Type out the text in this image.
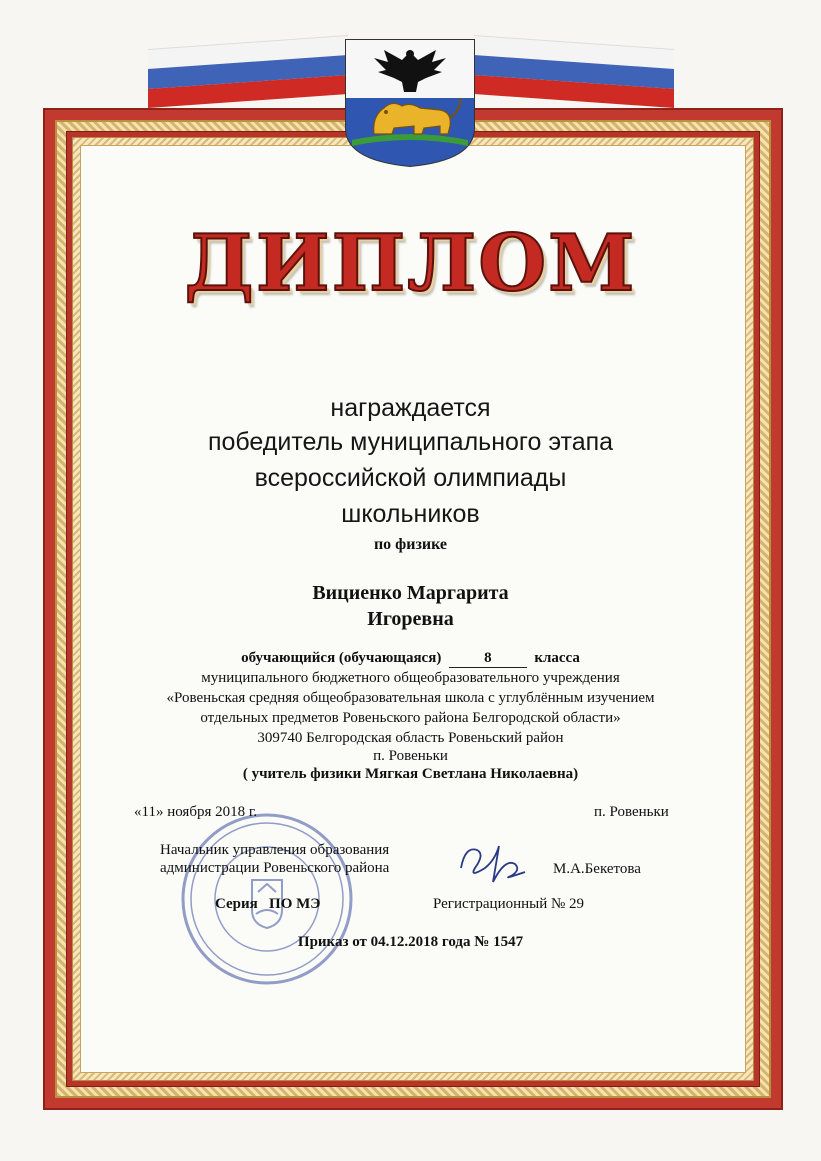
ДИПЛОМ
награждается
победитель муниципального этапа
всероссийской олимпиады
школьников
по физике
Вициенко Маргарита
Игоревна
обучающийся (обучающаяся)	8	класса
муниципального бюджетного общеобразовательного учреждения
«Ровеньская средняя общеобразовательная школа с углублённым изучением
отдельных предметов Ровеньского района Белгородской области»
309740 Белгородская область Ровеньский район
п. Ровеньки
( учитель физики Мягкая Светлана Николаевна)
«11» ноября 2018 г.	п. Ровеньки
Начальник управления образования
администрации Ровеньского района	М.А.Бекетова
Серия   ПО МЭ	Регистрационный № 29
Приказ от 04.12.2018 года № 1547
